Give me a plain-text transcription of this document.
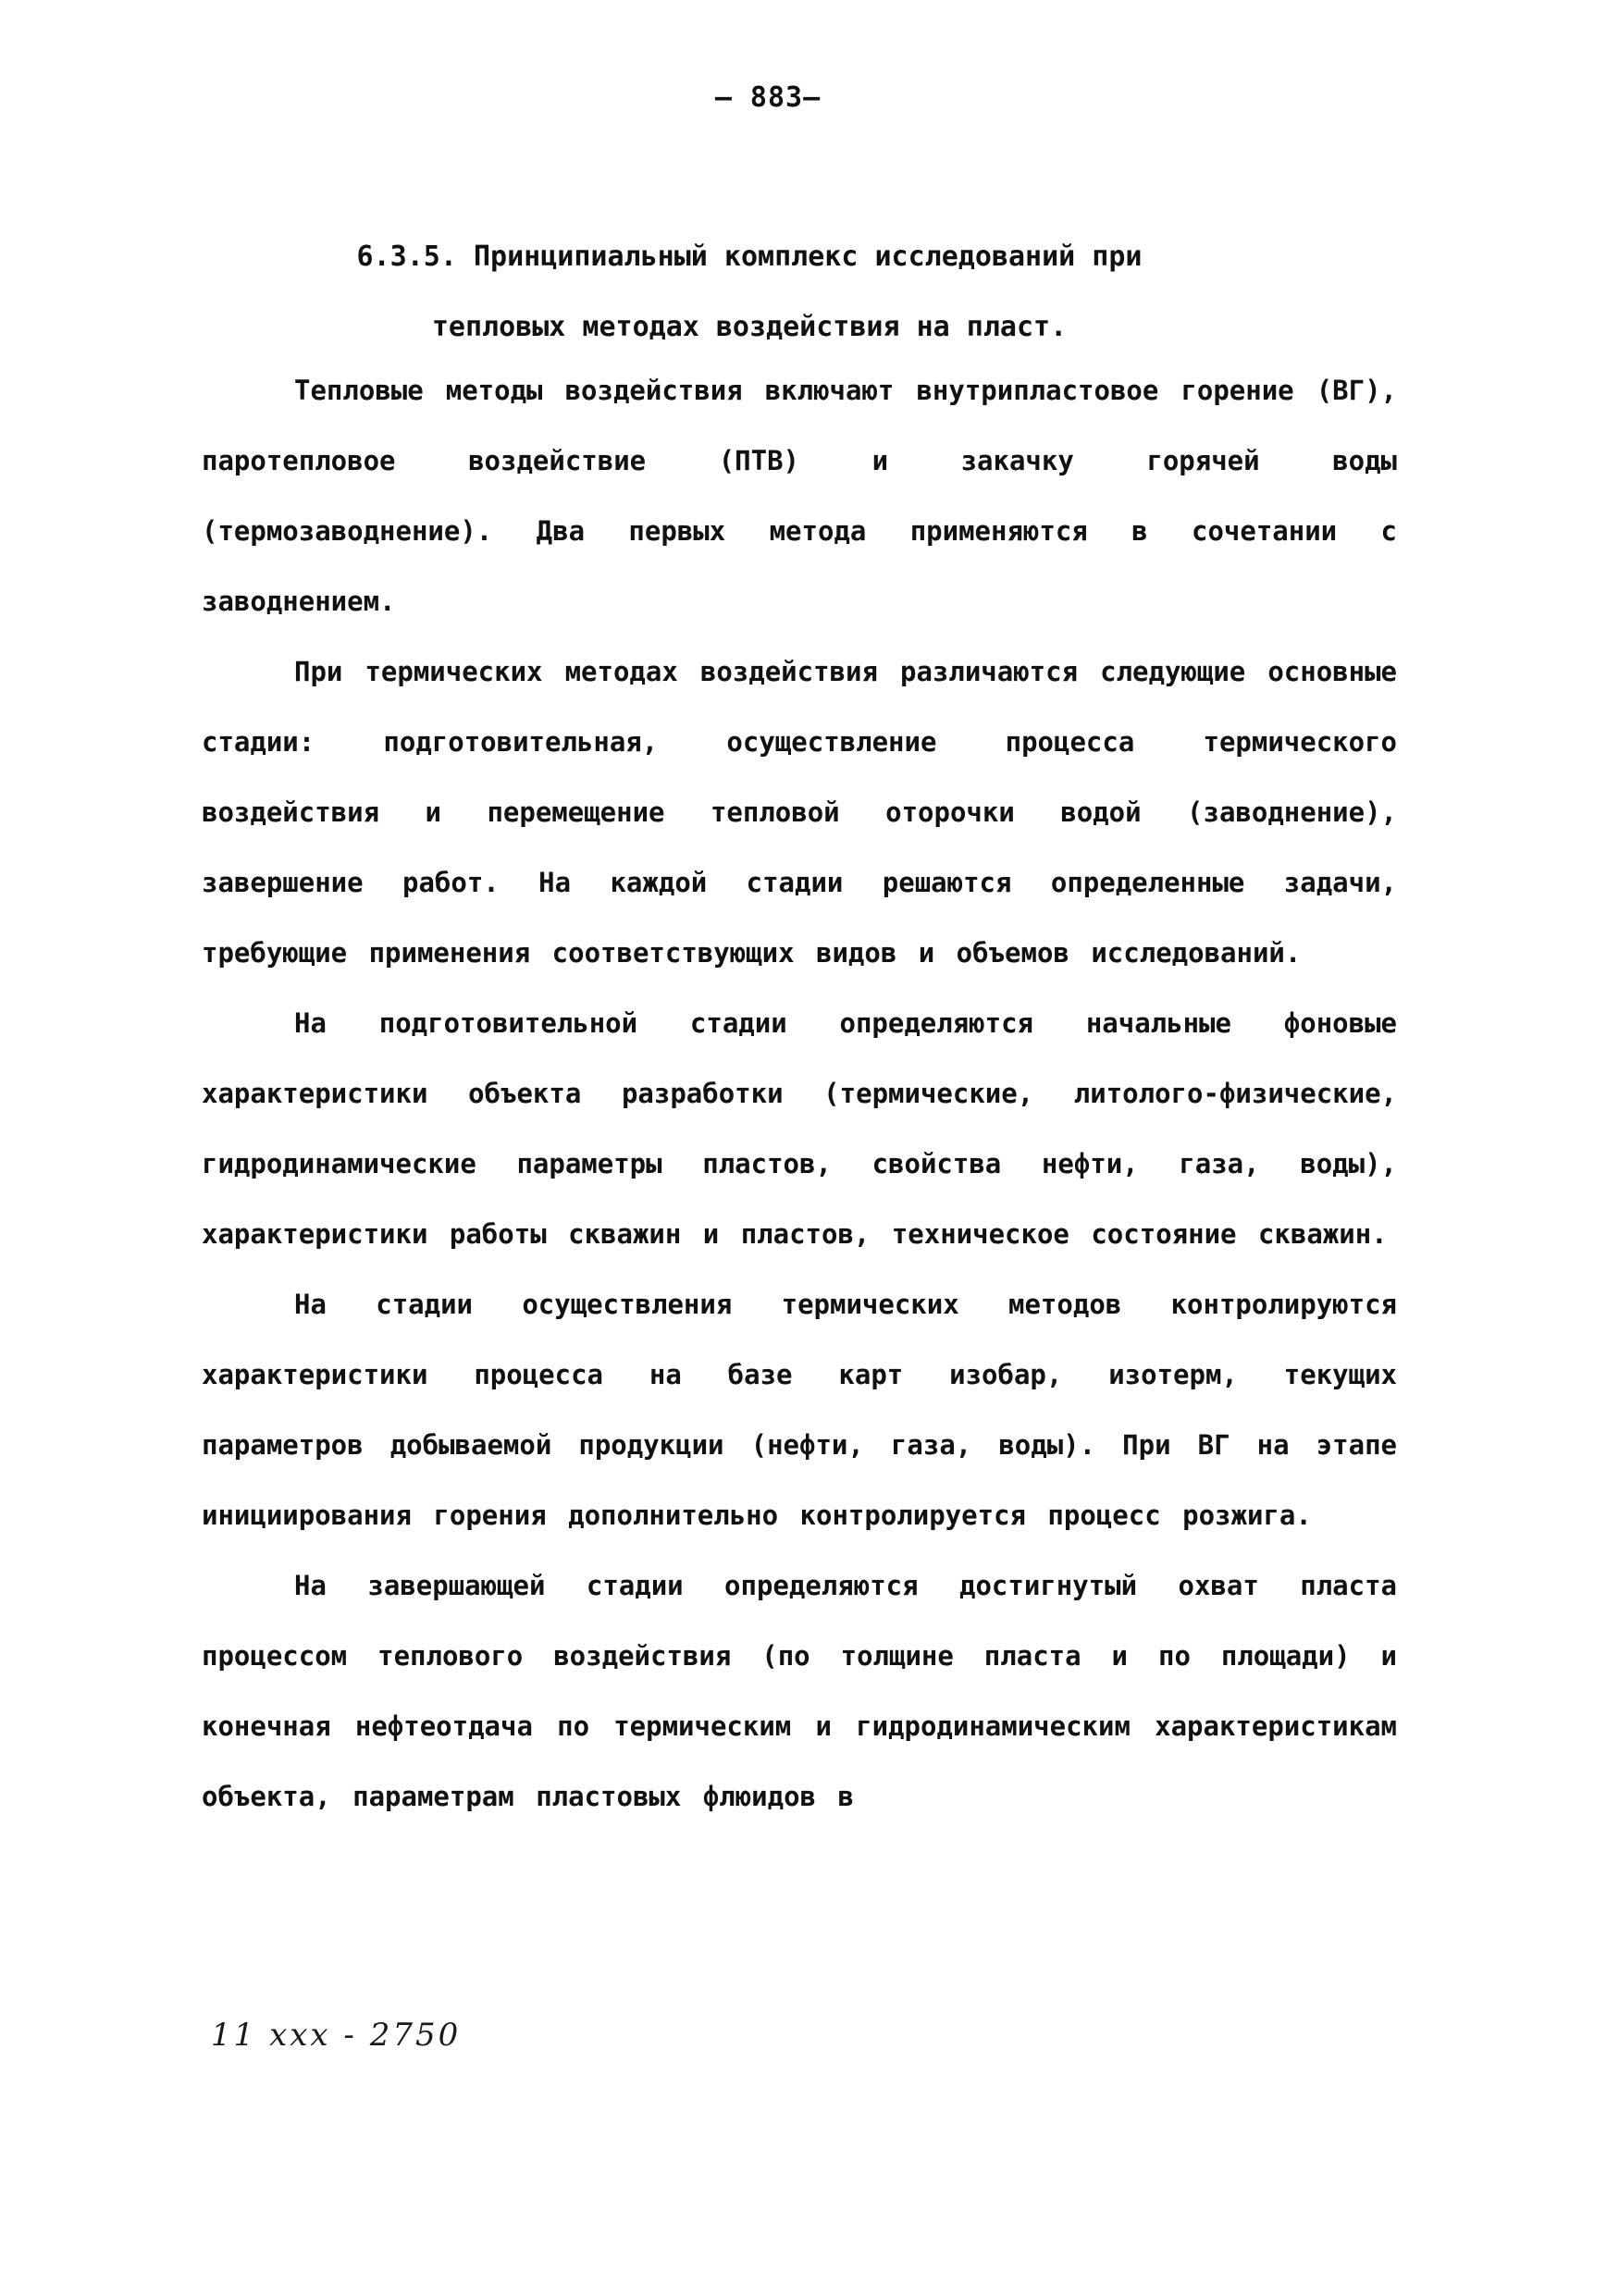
— 883—
6.3.5. Принципиальный комплекс исследований при
тепловых методах воздействия на пласт.

Тепловые методы воздействия включают внутрипластовое горение (ВГ), паротепловое воздействие (ПТВ) и закачку горячей воды (термозаводнение). Два первых метода применяются в сочетании с заводнением.

При термических методах воздействия различаются следующие основные стадии: подготовительная, осуществление процесса термического воздействия и перемещение тепловой оторочки водой (заводнение), завершение работ. На каждой стадии решаются определенные задачи, требующие применения соответствующих видов и объемов исследований.

На подготовительной стадии определяются начальные фоновые характеристики объекта разработки (термические, литолого-физические, гидродинамические параметры пластов, свойства нефти, газа, воды), характеристики работы скважин и пластов, техническое состояние скважин.

На стадии осуществления термических методов контролируются характеристики процесса на базе карт изобар, изотерм, текущих параметров добываемой продукции (нефти, газа, воды). При ВГ на этапе инициирования горения дополнительно контролируется процесс розжига.

На завершающей стадии определяются достигнутый охват пласта процессом теплового воздействия (по толщине пласта и по площади) и конечная нефтеотдача по термическим и гидродинамическим характеристикам объекта, параметрам пластовых флюидов в

11 ххх - 2750
